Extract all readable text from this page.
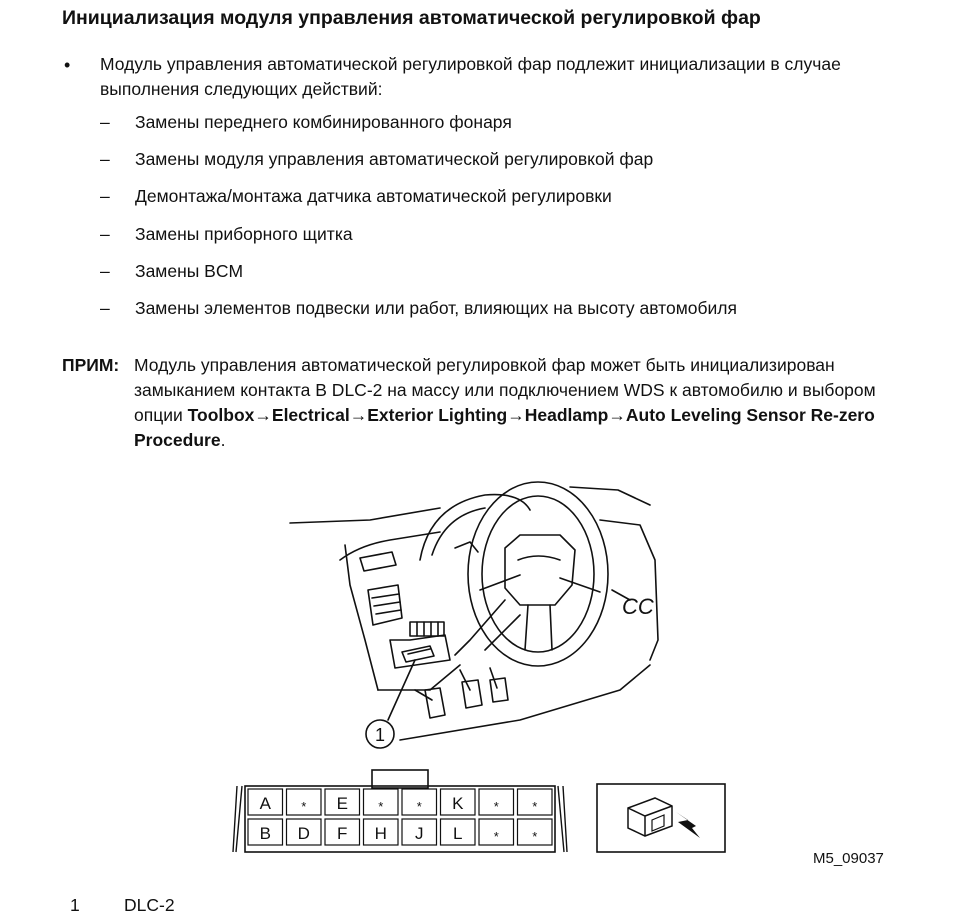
Инициализация модуля управления автоматической регулировкой фар
• Модуль управления автоматической регулировкой фар подлежит инициализации в случае выполнения следующих действий:
–	Замены переднего комбинированного фонаря
–	Замены модуля управления автоматической регулировкой фар
–	Демонтажа/монтажа датчика автоматической регулировки
–	Замены приборного щитка
–	Замены BCM
–	Замены элементов подвески или работ, влияющих на высоту автомобиля
ПРИМ: Модуль управления автоматической регулировкой фар может быть инициализирован замыканием контакта B DLC-2 на массу или подключением WDS к автомобилю и выбором опции Toolbox→Electrical→Exterior Lighting→Headlamp→Auto Leveling Sensor Re-zero Procedure.
CC
1
A * E *	* K *	*
B D F H J L *	*
M5_09037
1	DLC-2
